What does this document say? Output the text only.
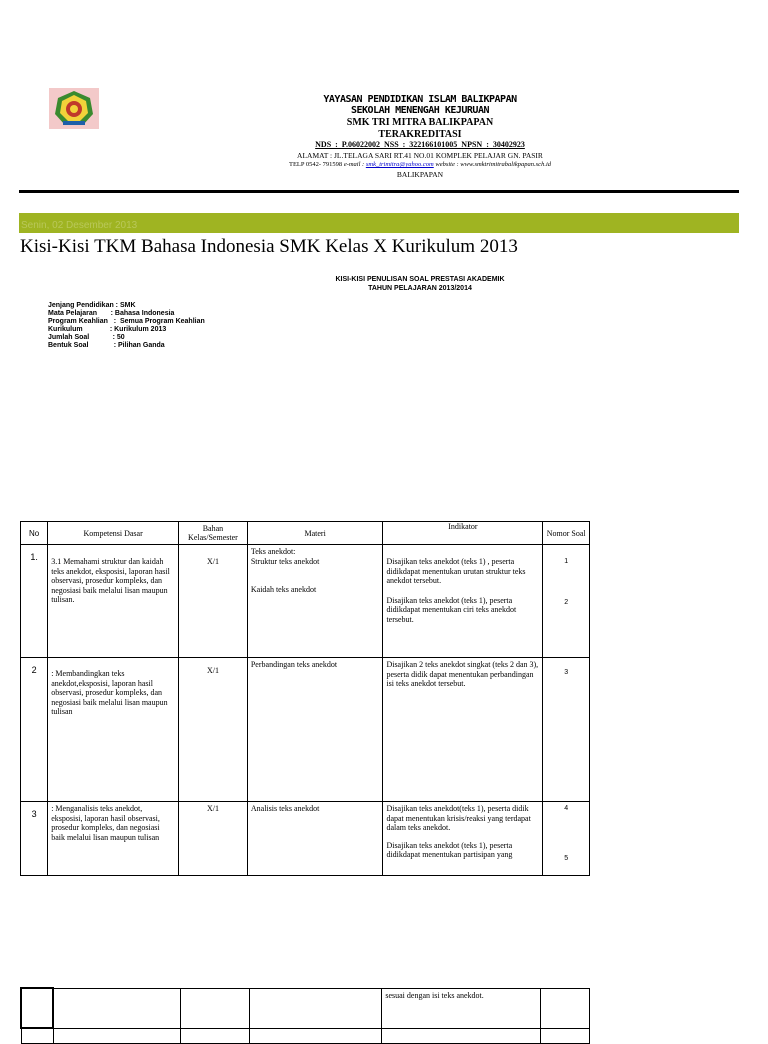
YAYASAN PENDIDIKAN ISLAM BALIKPAPAN
SEKOLAH MENENGAH KEJURUAN
SMK TRI MITRA BALIKPAPAN
TERAKREDITASI
NDS : P.06022002 NSS : 322166101005 NPSN : 30402923
ALAMAT : JL.TELAGA SARI RT.41 NO.01 KOMPLEK PELAJAR GN. PASIR
TELP 0542- 791598 e-mail : smk_trimitra@yahoo.com website : www.smktrimitrabalikpapan.sch.id
BALIKPAPAN
Senin, 02 Desember 2013
Kisi-Kisi TKM Bahasa Indonesia SMK Kelas X Kurikulum 2013
KISI-KISI PENULISAN SOAL PRESTASI AKADEMIK
TAHUN PELAJARAN 2013/2014
Jenjang Pendidikan : SMK
Mata Pelajaran       : Bahasa Indonesia
Program Keahlian   :  Semua Program Keahlian
Kurikulum              : Kurikulum 2013
Jumlah Soal            : 50
Bentuk Soal             : Pilihan Ganda
No	Kompetensi Dasar	Bahan Kelas/Semester	Materi	Indikator	Nomor Soal
1.	3.1 Memahami struktur dan kaidah teks anekdot, eksposisi, laporan hasil observasi, prosedur kompleks, dan negosiasi baik melalui lisan maupun tulisan.	X/1	Teks anekdot:
Struktur teks anekdot
Kaidah teks anekdot	Disajikan teks anekdot (teks 1) , peserta didikdapat menentukan urutan struktur teks anekdot tersebut.
Disajikan teks anekdot (teks 1), peserta didikdapat menentukan ciri teks anekdot tersebut.	1
2

2	: Membandingkan teks anekdot,eksposisi, laporan hasil observasi, prosedur kompleks, dan negosiasi baik melalui lisan maupun tulisan	X/1	Perbandingan teks anekdot	Disajikan 2 teks anekdot singkat (teks 2 dan 3), peserta didik dapat menentukan perbandingan isi teks anekdot tersebut.	3

3	: Menganalisis teks anekdot, eksposisi, laporan hasil observasi, prosedur kompleks, dan negosiasi baik melalui lisan maupun tulisan	X/1	Analisis teks anekdot	Disajikan teks anekdot(teks 1), peserta didik dapat menentukan krisis/reaksi yang terdapat dalam teks anekdot.
Disajikan teks anekdot (teks 1), peserta didikdapat menentukan partisipan yang	4
5
				sesuai dengan isi teks anekdot.	
